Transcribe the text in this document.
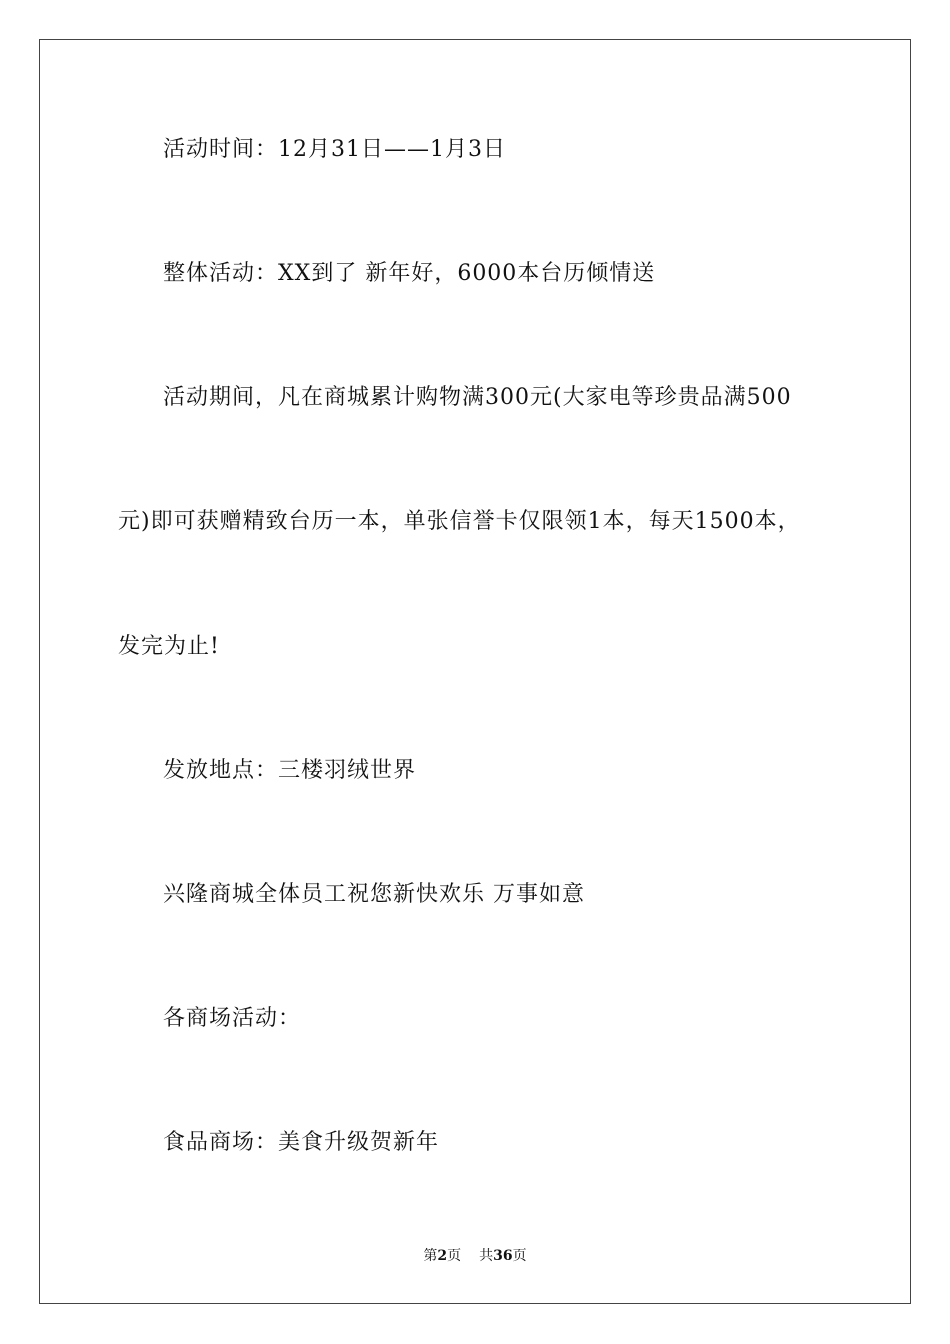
活动时间：12月31日——1月3日
整体活动：XX到了 新年好，6000本台历倾情送
活动期间，凡在商城累计购物满300元(大家电等珍贵品满500
元)即可获赠精致台历一本，单张信誉卡仅限领1本，每天1500本，
发完为止!
发放地点：三楼羽绒世界
兴隆商城全体员工祝您新快欢乐 万事如意
各商场活动：
食品商场：美食升级贺新年
第2页 共36页
